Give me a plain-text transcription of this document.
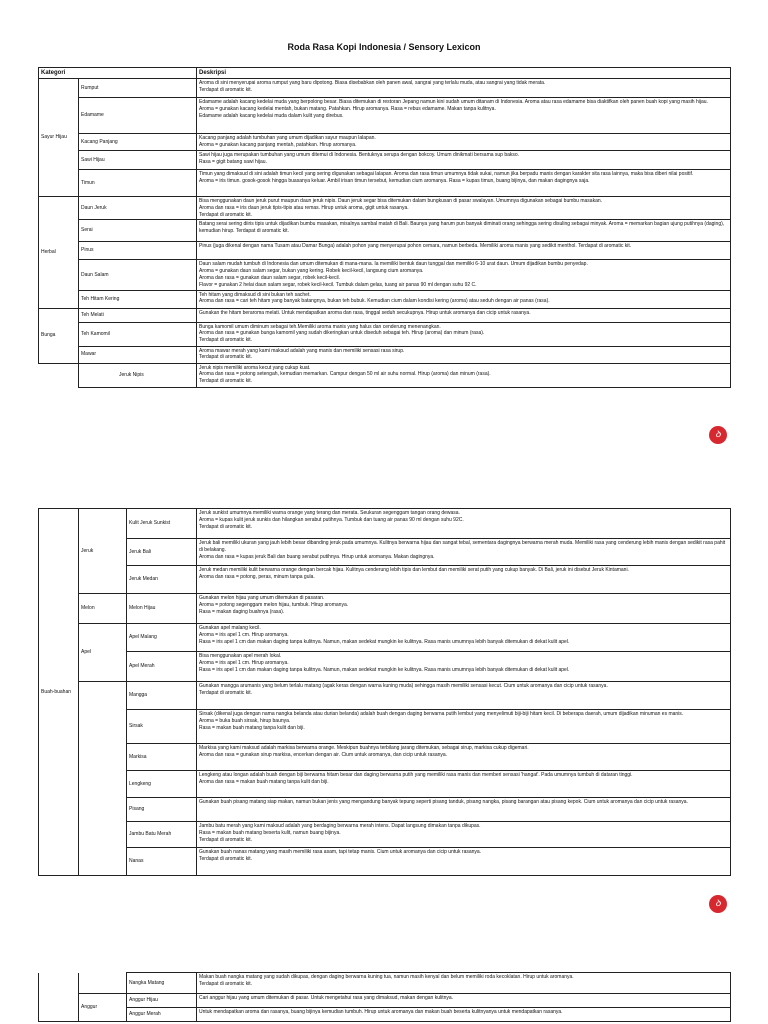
Roda Rasa Kopi Indonesia / Sensory Lexicon
Kategori		Deskripsi
Sayur Hijau	Rumput	Aroma di sini menyerupai aroma rumput yang baru dipotong. Biasa disebabkan oleh panen awal, sangrai yang terlalu muda, atau sangrai yang tidak merata.
Terdapat di aromatic kit.
	Edamame	Edamame adalah kacang kedelai muda yang berpolong besar. Biasa ditemukan di restoran Jepang namun kini sudah umum ditanam di Indonesia. Aroma atau rasa edamame bisa diaktifkan oleh panen buah kopi yang masih hijau.
Aroma = gunakan kacang kedelai mentah, bukan matang. Patahkan. Hirup aromanya. Rasa = rebus edamame. Makan tanpa kulitnya.
Edamame adalah kacang kedelai muda dalam kulit yang direbus.
	Kacang Panjang	Kacang panjang adalah tumbuhan yang umum dijadikan sayur maupun lalapan.
Aroma = gunakan kacang panjang mentah, patahkan. Hirup aromanya.
	Sawi Hijau	Sawi hijau juga merupakan tumbuhan yang umum ditemui di Indonesia. Bentuknya serupa dengan bokcoy. Umum dinikmati bersama sup bakso.
Rasa = gigit batang sawi hijau.
	Timun	Timun yang dimaksud di sini adalah timun kecil yang sering digunakan sebagai lalapan. Aroma dan rasa timun umumnya tidak sukai, namun jika berpadu manis dengan karakter sita rasa lainnya, maka bisa diberi nilai positif.
Aroma = iris timun. gosok-gosok hingga buasanya keluar. Ambil irisan timun tersebut, kemudian cium aromanya. Rasa = kupas timun, buang bijinya, dan makan dagingnya saja.
Herbal	Daun Jeruk	Bisa menggunakan daun jeruk purut maupun daun jeruk nipis. Daun jeruk segar bisa ditemukan dalam bungkusan di pasar swalayan. Umumnya digunakan sebagai bumbu masakan.
Aroma dan rasa = iris daun jeruk tipis-tipis atau remas. Hirup untuk aroma, gigit untuk rasanya.
Terdapat di aromatic kit.
	Serai	Batang serai sering diiris tipis untuk dijadikan bumbu masakan, misalnya sambal matah di Bali. Baunya yang harum pun banyak diminati orang sehingga sering disuling sebagai minyak. Aroma = memarkan bagian ujung putihnya (daging), kemudian hirup. Terdapat di aromatic kit.
	Pinus	Pinus (juga dikenal dengan nama Tusam atau Damar Bunga) adalah pohon yang menyerupai pohon cemara, namun berbeda. Memiliki aroma manis yang sedikit menthol. Terdapat di aromatic kit.
	Daun Salam	Daun salam mudah tumbuh di Indonesia dan umum ditemukan di mana-mana. Ia memiliki bentuk daun tunggal dan memiliki 6-10 urat daun. Umum dijadikan bumbu penyedap.
Aroma = gunakan daun salam segar, bukan yang kering. Robek kecil-kecil, langsung cium aromanya.
Aroma dan rasa = gunakan daun salam segar, robek kecil-kecil.
Flavor = gunakan 2 helai daun salam segar, robek kecil-kecil. Tumbuk dalam gelas, tuang air panas 90 ml dengan suhu 92 C.
	Teh Hitam Kering	Teh hitam yang dimaksud di sini bukan teh sachet.
Aroma dan rasa = cari teh hitam yang banyak batangnya, bukan teh bubuk. Kemudian cium dalam kondisi kering (aroma) atau seduh dengan air panas (rasa).
Bunga	Teh Melati	Gunakan the hitam beraroma melati. Untuk mendapatkan aroma dan rasa, tinggal seduh secukupnya. Hirup untuk aromanya dan cicip untuk rasanya.
	Teh Kamomil	Bunga kamomil umum diminum sebagai teh.Memiliki aroma manis yang halus dan cenderung menenangkan.
Aroma dan rasa = gunakan bunga kamomil yang sudah dikeringkan untuk diseduh sebagai teh. Hirup (aroma) dan minum (rasa).
Terdapat di aromatic kit.
	Mawar	Aroma mawar merah yang kami maksud adalah yang manis dan memiliki sensasi rasa sirup.
Terdapat di aromatic kit.
	Jeruk Nipis	Jeruk nipis memiliki aroma kecut yang cukup kuat.
Aroma dan rasa = potong setengah, kemudian memarkan. Campur dengan 50 ml air suhu normal. Hirup (aroma) dan minum (rasa).
Terdapat di aromatic kit.
ꝺ
Buah-buahan	Jeruk	Kulit Jeruk Sunkist	Jeruk sunkist umumnya memiliki warna orange yang terang dan merata. Seukuran segenggam tangan orang dewasa.
Aroma = kupas kulit jeruk sunkis dan hilangkan serabut putihnya. Tumbuk dan tuang air panas 90 ml dengan suhu 92C.
Terdapat di aromatic kit.
		Jeruk Bali	Jeruk bali memiliki ukuran yang jauh lebih besar dibanding jeruk pada umumnya. Kulitnya berwarna hijau dan sangat tebal, sementara dagingnya berwarna merah muda. Memiliki rasa yang cenderung lebih manis dengan sedikit rasa pahit di belakang.
Aroma dan rasa = kupas jeruk Bali dan buang serabut putihnya. Hirup untuk aromanya. Makan dagingnya.
		Jeruk Medan	Jeruk medan memiliki kulit berwarna orange dengan bercak hijau. Kulitnya cenderung lebih tipis dan lembut dan memiliki serat putih yang cukup banyak. Di Bali, jeruk ini disebut Jeruk Kintamani.
Aroma dan rasa = potong, peras, minum tanpa gula.
	Melon	Melon Hijau	Gunakan melon hijau yang umum ditemukan di pasaran.
Aroma = potong segenggam melon hijau, tumbuk. Hirup aromanya.
Rasa = makan daging buahnya (rasa).
	Apel	Apel Malang	Gunakan apel malang kecil.
Aroma = iris apel 1 cm. Hirup aromanya.
Rasa = iris apel 1 cm dan makan daging tanpa kulitnya. Namun, makan sedekat mungkin ke kulitnya. Rasa manis umumnya lebih banyak ditemukan di dekat kulit apel.
		Apel Merah	Bisa menggunakan apel merah lokal.
Aroma = iris apel 1 cm. Hirup aromanya.
Rasa = iris apel 1 cm dan makan daging tanpa kulitnya. Namun, makan sedekat mungkin ke kulitnya. Rasa manis umumnya lebih banyak ditemukan di dekat kulit apel.
		Mangga	Gunakan mangga arumanis yang belum terlalu matang (agak keras dengan warna kuning muda) sehingga masih memiliki sensasi kecut. Cium untuk aromanya dan cicip untuk rasanya.
Terdapat di aromatic kit.
		Sirsak	Sirsak (dikenal juga dengan nama nangka belanda atau durian belanda) adalah buah dengan daging berwarna putih lembut yang menyelimuti biji-biji hitam kecil. Di beberapa daerah, umum dijadikan minuman es manis.
Aroma = buka buah sirsak, hirup baunya.
Rasa = makan buah matang tanpa kulit dan biji.
		Markisa	Markisa yang kami maksud adalah markisa berwarna orange. Meskipun buahnya terbilang jarang ditemukan, sebagai sirup, markisa cukup digemari.
Aroma dan rasa = gunakan sirup markisa, encerkan dengan air. Cium untuk aromanya, dan cicip untuk rasanya.
		Lengkeng	Lengkeng atau longan adalah buah dengan biji berwarna hitam besar dan daging berwarna putih yang memiliki rasa manis dan memberi sensasi 'hangat'. Pada umumnya tumbuh di dataran tinggi.
Aroma dan rasa = makan buah matang tanpa kulit dan biji.
		Pisang	Gunakan buah pisang matang siap makan, namun bukan jenis yang mengandung banyak tepung seperti pisang tanduk, pisang nangka, pisang barangan atau pisang kepok. Cium untuk aromanya dan cicip untuk rasanya.
		Jambu Batu Merah	Jambu batu merah yang kami maksud adalah yang berdaging berwarna merah intens. Dapat langsung dimakan tanpa dikupas.
Rasa = makan buah matang beserta kulit, namun buang bijinya.
Terdapat di aromatic kit.
		Nanas	Gunakan buah nanas matang yang masih memiliki rasa asam, tapi tetap manis. Cium untuk aromanya dan cicip untuk rasanya.
Terdapat di aromatic kit.
ꝺ
		Nangka Matang	Makan buah nangka matang yang sudah dikupas, dengan daging berwarna kuning tua, namun masih kenyal dan belum memiliki roda kecoklatan. Hirup untuk aromanya.
Terdapat di aromatic kit.
	Anggur	Anggur Hijau	Cari anggur hijau yang umum ditemukan di pasar. Untuk mengetahui rasa yang dimaksud, makan dengan kulitnya.
		Anggur Merah	Untuk mendapatkan aroma dan rasanya, buang bijinya kemudian tumbuh. Hirup untuk aromanya dan makan buah beserta kulitnyanya untuk mendapatkan rasanya.
